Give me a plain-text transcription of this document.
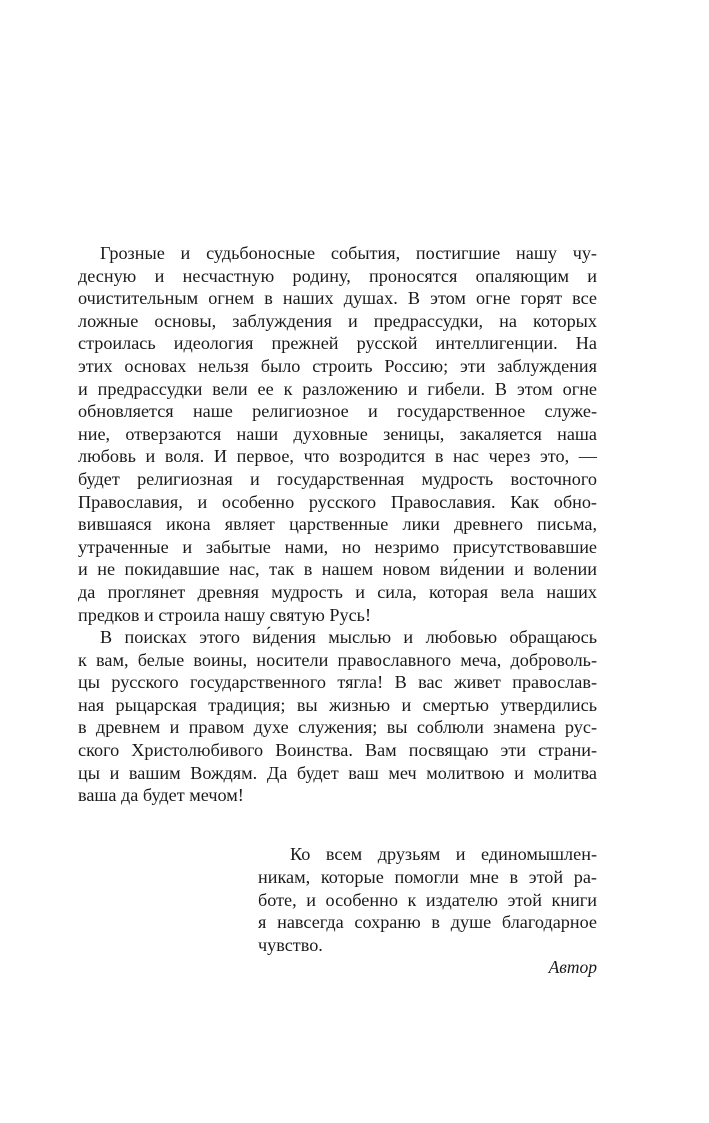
Грозные и судьбоносные события, постигшие нашу чу-
десную и несчастную родину, проносятся опаляющим и
очистительным огнем в наших душах. В этом огне горят все
ложные основы, заблуждения и предрассудки, на которых
строилась идеология прежней русской интеллигенции. На
этих основах нельзя было строить Россию; эти заблуждения
и предрассудки вели ее к разложению и гибели. В этом огне
обновляется наше религиозное и государственное служе-
ние, отверзаются наши духовные зеницы, закаляется наша
любовь и воля. И первое, что возродится в нас через это, —
будет религиозная и государственная мудрость восточного
Православия, и особенно русского Православия. Как обно-
вившаяся икона являет царственные лики древнего письма,
утраченные и забытые нами, но незримо присутствовавшие
и не покидавшие нас, так в нашем новом ви́дении и волении
да проглянет древняя мудрость и сила, которая вела наших
предков и строила нашу святую Русь!
В поисках этого ви́дения мыслью и любовью обращаюсь
к вам, белые воины, носители православного меча, доброволь-
цы русского государственного тягла! В вас живет православ-
ная рыцарская традиция; вы жизнью и смертью утвердились
в древнем и правом духе служения; вы соблюли знамена рус-
ского Христолюбивого Воинства. Вам посвящаю эти страни-
цы и вашим Вождям. Да будет ваш меч молитвою и молитва
ваша да будет мечом!
Ко всем друзьям и единомышлен-
никам, которые помогли мне в этой ра-
боте, и особенно к издателю этой книги
я навсегда сохраню в душе благодарное
чувство.
Автор
